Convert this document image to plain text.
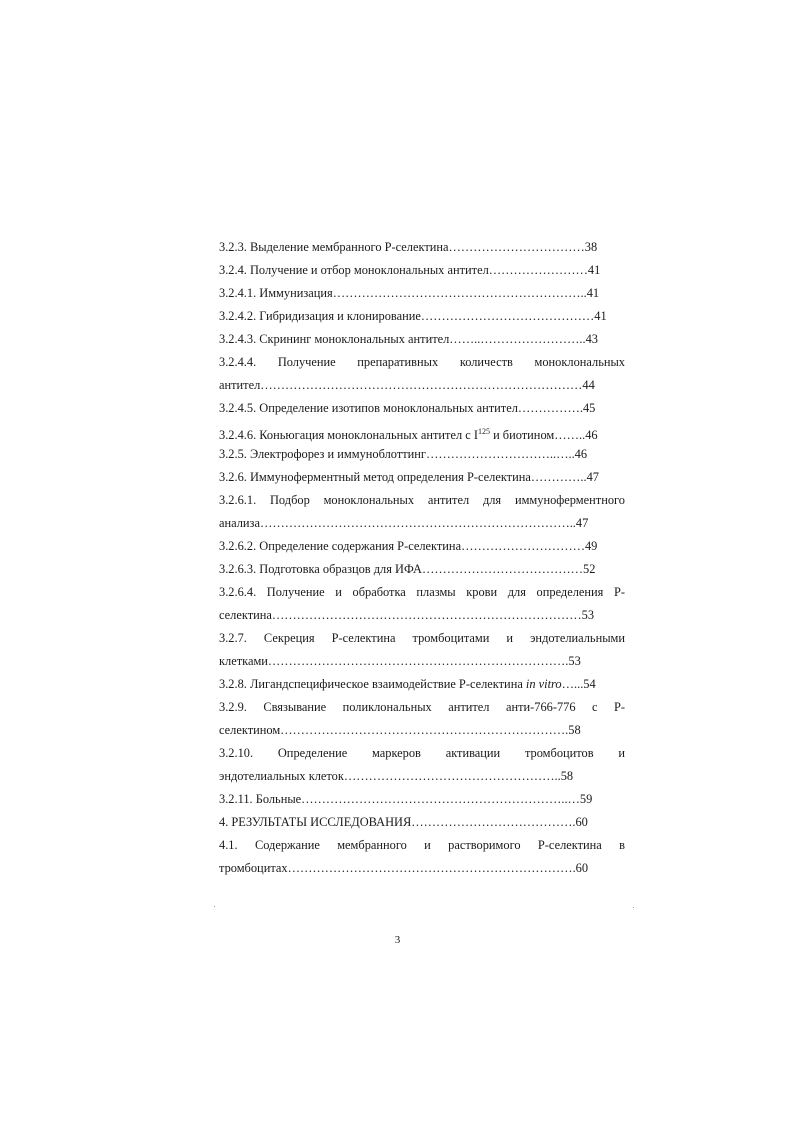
3.2.3. Выделение мембранного Р-селектина……………………………38
3.2.4. Получение и отбор моноклональных антител……………………41
3.2.4.1. Иммунизация……………………………………………………..41
3.2.4.2. Гибридизация и клонирование……………………………………41
3.2.4.3. Скрининг моноклональных антител……..……………………..43
3.2.4.4. Получение препаративных количеств моноклональных
антител……………………………………………………………………44
3.2.4.5. Определение изотипов моноклональных антител…………….45
3.2.4.6. Коньюгация моноклональных антител с $I^{125}$ и биотином……..46
3.2.5. Электрофорез и иммуноблоттинг…………………………..…..46
3.2.6. Иммуноферментный метод определения Р-селектина…………..47
3.2.6.1. Подбор моноклональных антител для иммуноферментного
анализа…………………………………………………………………..47
3.2.6.2. Определение содержания Р-селектина…………………………49
3.2.6.3. Подготовка образцов для ИФА…………………………………52
3.2.6.4. Получение и обработка плазмы крови для определения Р-
селектина…………………………………………………………………53
3.2.7. Секреция Р-селектина тромбоцитами и эндотелиальными
клетками……………………………………………………………….53
3.2.8. Лигандспецифическое взаимодействие Р-селектина in vitro…...54
3.2.9. Связывание поликлональных антител анти-766-776 с Р-
селектином…………………………………………………………….58
3.2.10. Определение маркеров активации тромбоцитов и
эндотелиальных клеток……………………………………………..58
3.2.11. Больные………………………………………………………..…59
4. РЕЗУЛЬТАТЫ ИССЛЕДОВАНИЯ………………………………….60
4.1. Содержание мембранного и растворимого Р-селектина в
тромбоцитах…………………………………………………………….60
3
